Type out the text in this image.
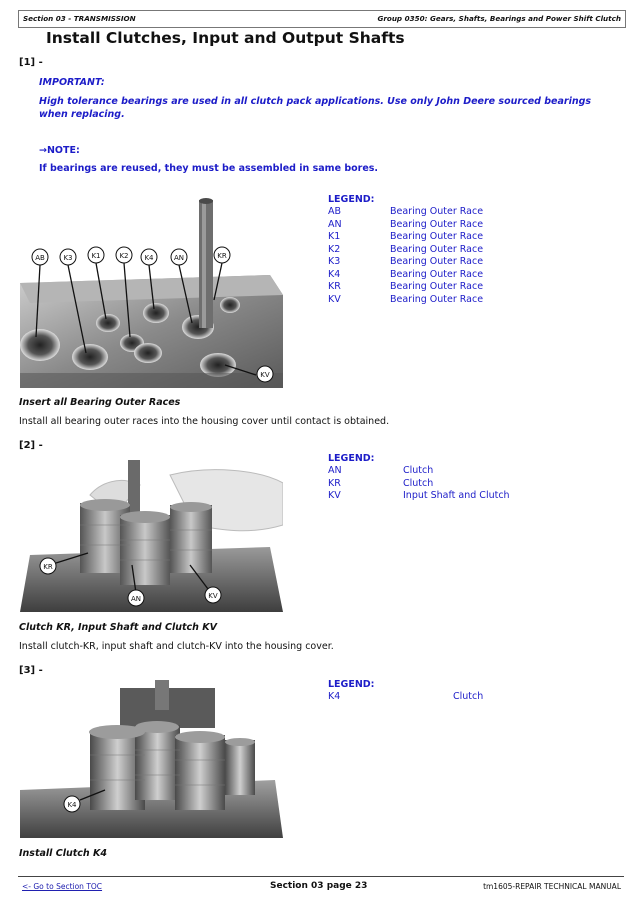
Section 03 - TRANSMISSION	Group 0350: Gears, Shafts, Bearings and Power Shift Clutch
Install Clutches, Input and Output Shafts
[1] -
IMPORTANT:
High tolerance bearings are used in all clutch pack applications. Use only John Deere sourced bearings when replacing.
→NOTE:
If bearings are reused, they must be assembled in same bores.
AB	K3	K1	K2 K4	AN	KR
KV
LEGEND:
AB	Bearing Outer Race
AN	Bearing Outer Race
K1	Bearing Outer Race
K2	Bearing Outer Race
K3	Bearing Outer Race
K4	Bearing Outer Race
KR	Bearing Outer Race
KV	Bearing Outer Race
Insert all Bearing Outer Races
Install all bearing outer races into the housing cover until contact is obtained.
[2] -
KR
AN	KV
LEGEND:
AN	Clutch
KR	Clutch
KV	Input Shaft and Clutch
Clutch KR, Input Shaft and Clutch KV
Install clutch-KR, input shaft and clutch-KV into the housing cover.
[3] -
K4
LEGEND:
K4	Clutch
Install Clutch K4
<- Go to Section TOC	Section 03 page 23	tm1605-REPAIR TECHNICAL MANUAL
